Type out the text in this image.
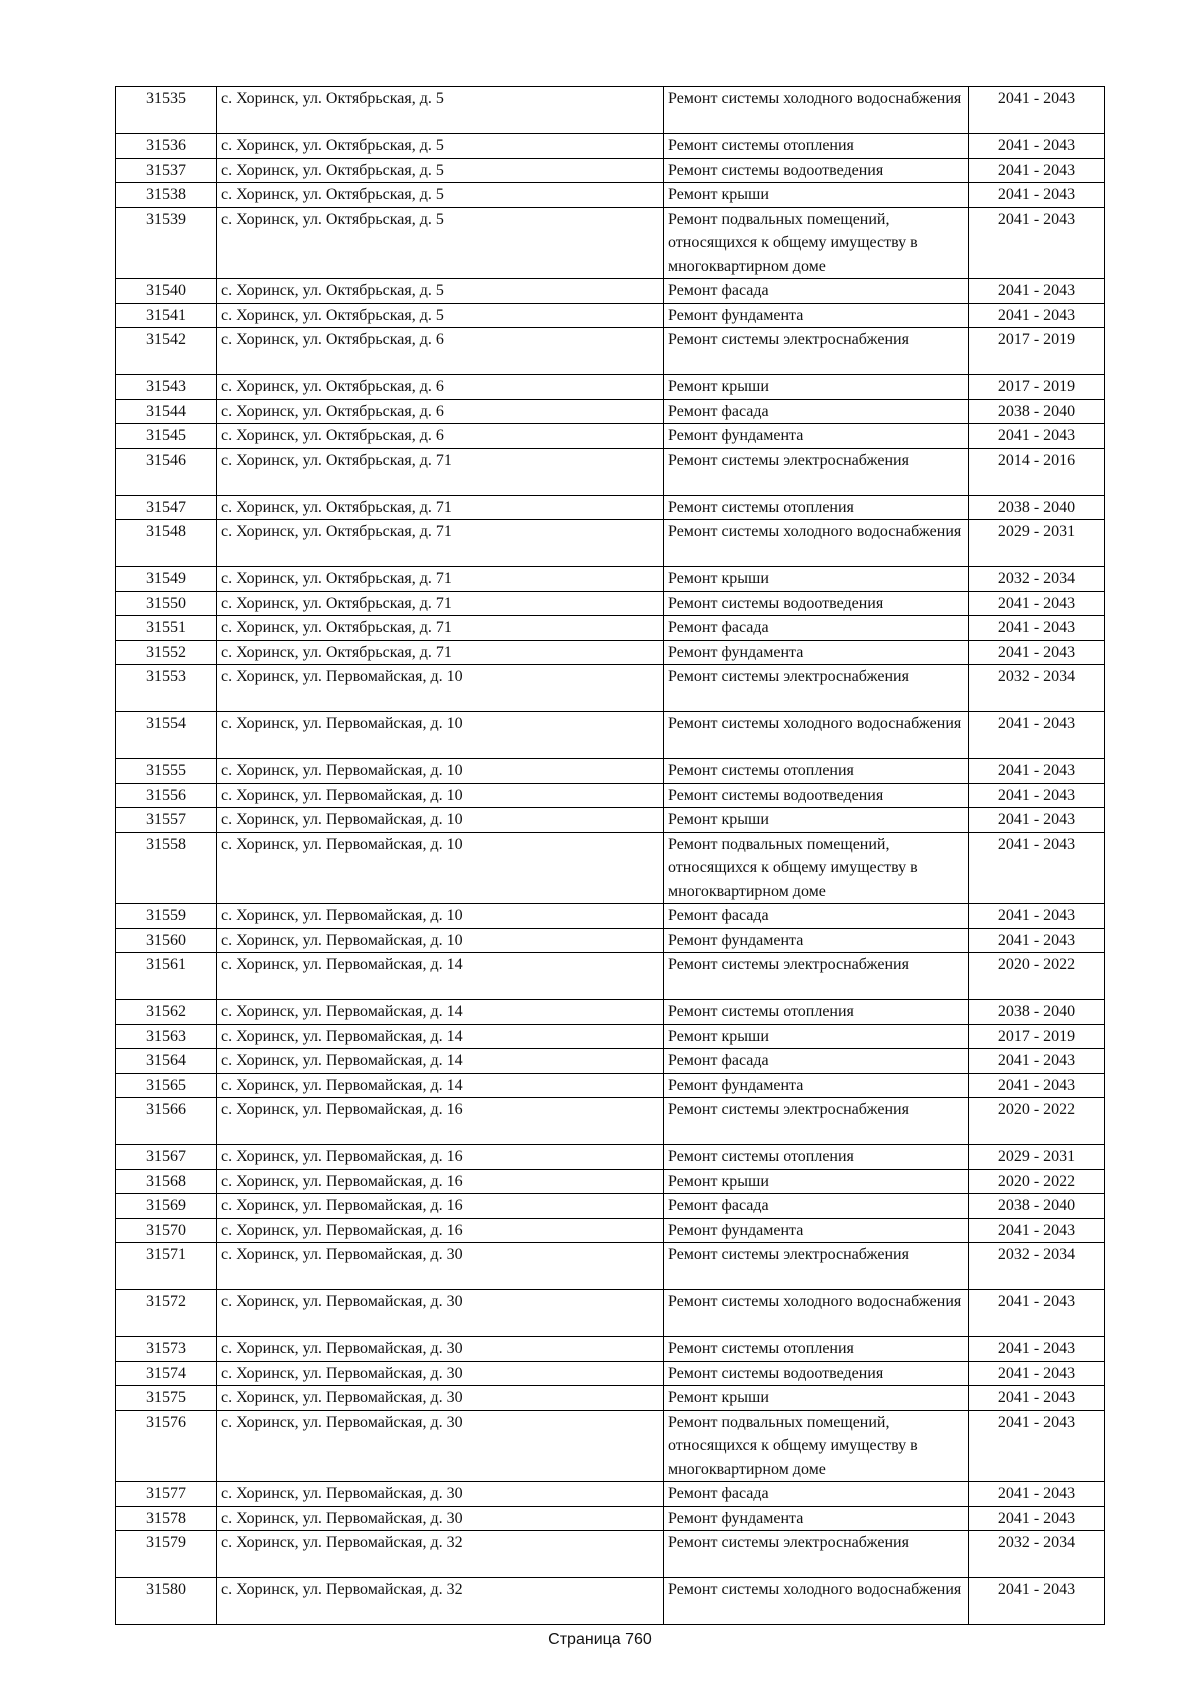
31535	с. Хоринск, ул. Октябрьская, д. 5	Ремонт системы холодного водоснабжения	2041 - 2043
31536	с. Хоринск, ул. Октябрьская, д. 5	Ремонт системы отопления	2041 - 2043
31537	с. Хоринск, ул. Октябрьская, д. 5	Ремонт системы водоотведения	2041 - 2043
31538	с. Хоринск, ул. Октябрьская, д. 5	Ремонт крыши	2041 - 2043
31539	с. Хоринск, ул. Октябрьская, д. 5	Ремонт подвальных помещений, относящихся к общему имуществу в многоквартирном доме	2041 - 2043
31540	с. Хоринск, ул. Октябрьская, д. 5	Ремонт фасада	2041 - 2043
31541	с. Хоринск, ул. Октябрьская, д. 5	Ремонт фундамента	2041 - 2043
31542	с. Хоринск, ул. Октябрьская, д. 6	Ремонт системы электроснабжения	2017 - 2019
31543	с. Хоринск, ул. Октябрьская, д. 6	Ремонт крыши	2017 - 2019
31544	с. Хоринск, ул. Октябрьская, д. 6	Ремонт фасада	2038 - 2040
31545	с. Хоринск, ул. Октябрьская, д. 6	Ремонт фундамента	2041 - 2043
31546	с. Хоринск, ул. Октябрьская, д. 71	Ремонт системы электроснабжения	2014 - 2016
31547	с. Хоринск, ул. Октябрьская, д. 71	Ремонт системы отопления	2038 - 2040
31548	с. Хоринск, ул. Октябрьская, д. 71	Ремонт системы холодного водоснабжения	2029 - 2031
31549	с. Хоринск, ул. Октябрьская, д. 71	Ремонт крыши	2032 - 2034
31550	с. Хоринск, ул. Октябрьская, д. 71	Ремонт системы водоотведения	2041 - 2043
31551	с. Хоринск, ул. Октябрьская, д. 71	Ремонт фасада	2041 - 2043
31552	с. Хоринск, ул. Октябрьская, д. 71	Ремонт фундамента	2041 - 2043
31553	с. Хоринск, ул. Первомайская, д. 10	Ремонт системы электроснабжения	2032 - 2034
31554	с. Хоринск, ул. Первомайская, д. 10	Ремонт системы холодного водоснабжения	2041 - 2043
31555	с. Хоринск, ул. Первомайская, д. 10	Ремонт системы отопления	2041 - 2043
31556	с. Хоринск, ул. Первомайская, д. 10	Ремонт системы водоотведения	2041 - 2043
31557	с. Хоринск, ул. Первомайская, д. 10	Ремонт крыши	2041 - 2043
31558	с. Хоринск, ул. Первомайская, д. 10	Ремонт подвальных помещений, относящихся к общему имуществу в многоквартирном доме	2041 - 2043
31559	с. Хоринск, ул. Первомайская, д. 10	Ремонт фасада	2041 - 2043
31560	с. Хоринск, ул. Первомайская, д. 10	Ремонт фундамента	2041 - 2043
31561	с. Хоринск, ул. Первомайская, д. 14	Ремонт системы электроснабжения	2020 - 2022
31562	с. Хоринск, ул. Первомайская, д. 14	Ремонт системы отопления	2038 - 2040
31563	с. Хоринск, ул. Первомайская, д. 14	Ремонт крыши	2017 - 2019
31564	с. Хоринск, ул. Первомайская, д. 14	Ремонт фасада	2041 - 2043
31565	с. Хоринск, ул. Первомайская, д. 14	Ремонт фундамента	2041 - 2043
31566	с. Хоринск, ул. Первомайская, д. 16	Ремонт системы электроснабжения	2020 - 2022
31567	с. Хоринск, ул. Первомайская, д. 16	Ремонт системы отопления	2029 - 2031
31568	с. Хоринск, ул. Первомайская, д. 16	Ремонт крыши	2020 - 2022
31569	с. Хоринск, ул. Первомайская, д. 16	Ремонт фасада	2038 - 2040
31570	с. Хоринск, ул. Первомайская, д. 16	Ремонт фундамента	2041 - 2043
31571	с. Хоринск, ул. Первомайская, д. 30	Ремонт системы электроснабжения	2032 - 2034
31572	с. Хоринск, ул. Первомайская, д. 30	Ремонт системы холодного водоснабжения	2041 - 2043
31573	с. Хоринск, ул. Первомайская, д. 30	Ремонт системы отопления	2041 - 2043
31574	с. Хоринск, ул. Первомайская, д. 30	Ремонт системы водоотведения	2041 - 2043
31575	с. Хоринск, ул. Первомайская, д. 30	Ремонт крыши	2041 - 2043
31576	с. Хоринск, ул. Первомайская, д. 30	Ремонт подвальных помещений, относящихся к общему имуществу в многоквартирном доме	2041 - 2043
31577	с. Хоринск, ул. Первомайская, д. 30	Ремонт фасада	2041 - 2043
31578	с. Хоринск, ул. Первомайская, д. 30	Ремонт фундамента	2041 - 2043
31579	с. Хоринск, ул. Первомайская, д. 32	Ремонт системы электроснабжения	2032 - 2034
31580	с. Хоринск, ул. Первомайская, д. 32	Ремонт системы холодного водоснабжения	2041 - 2043
Страница 760
